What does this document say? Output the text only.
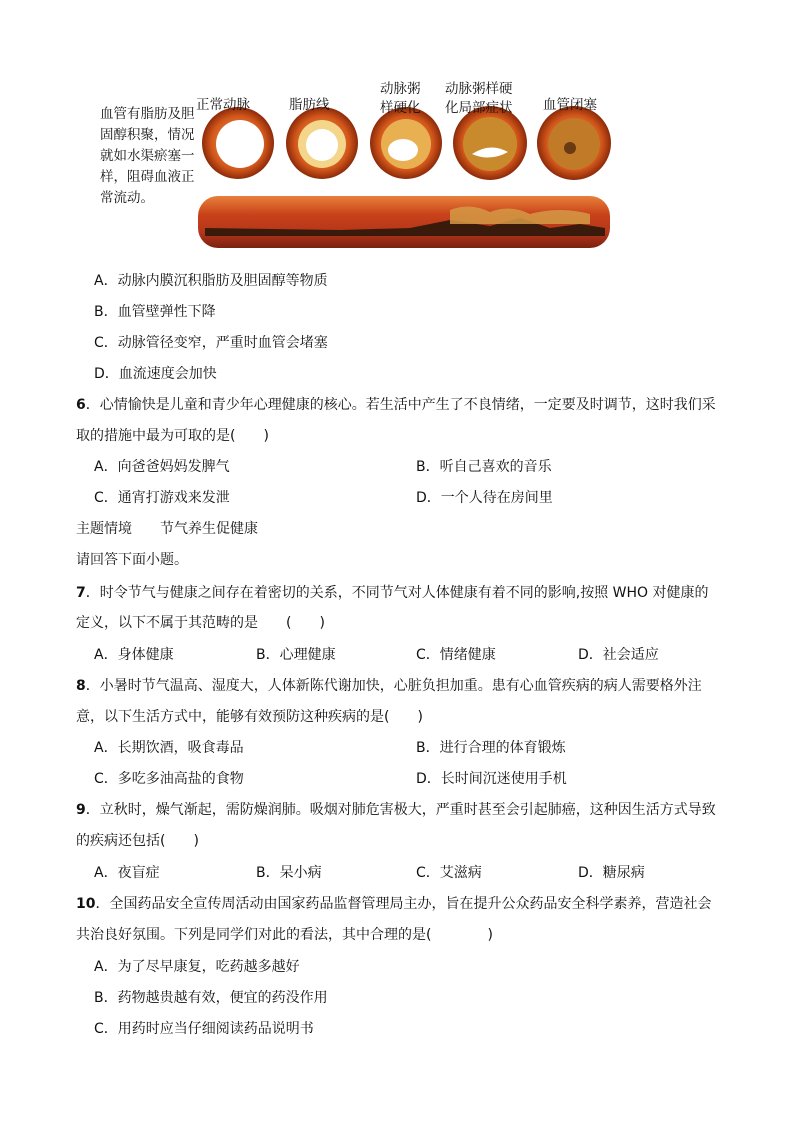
血管有脂肪及胆固醇积聚，情况就如水渠瘀塞一样，阻碍血液正常流动。
正常动脉	脂肪线
动脉粥
样硬化
动脉粥样硬
化局部症状 血管闭塞
A．动脉内膜沉积脂肪及胆固醇等物质
B．血管壁弹性下降
C．动脉管径变窄，严重时血管会堵塞
D．血流速度会加快
6．心情愉快是儿童和青少年心理健康的核心。若生活中产生了不良情绪，一定要及时调节，这时我们采
取的措施中最为可取的是(　　)
A．向爸爸妈妈发脾气	B．听自己喜欢的音乐
C．通宵打游戏来发泄	D．一个人待在房间里
主题情境　　节气养生促健康
请回答下面小题。
7．时令节气与健康之间存在着密切的关系，不同节气对人体健康有着不同的影响,按照 WHO 对健康的
定义，以下不属于其范畴的是　　(　　)
A．身体健康	B．心理健康	C．情绪健康	D．社会适应
8．小暑时节气温高、湿度大，人体新陈代谢加快，心脏负担加重。患有心血管疾病的病人需要格外注
意，以下生活方式中，能够有效预防这种疾病的是(　　)
A．长期饮酒，吸食毒品	B．进行合理的体育锻炼
C．多吃多油高盐的食物	D．长时间沉迷使用手机
9．立秋时，燥气渐起，需防燥润肺。吸烟对肺危害极大，严重时甚至会引起肺癌，这种因生活方式导致
的疾病还包括(　　)
A．夜盲症	B．呆小病	C．艾滋病	D．糖尿病
10．全国药品安全宣传周活动由国家药品监督管理局主办，旨在提升公众药品安全科学素养，营造社会
共治良好氛围。下列是同学们对此的看法，其中合理的是(　　　　)
A．为了尽早康复，吃药越多越好
B．药物越贵越有效，便宜的药没作用
C．用药时应当仔细阅读药品说明书
